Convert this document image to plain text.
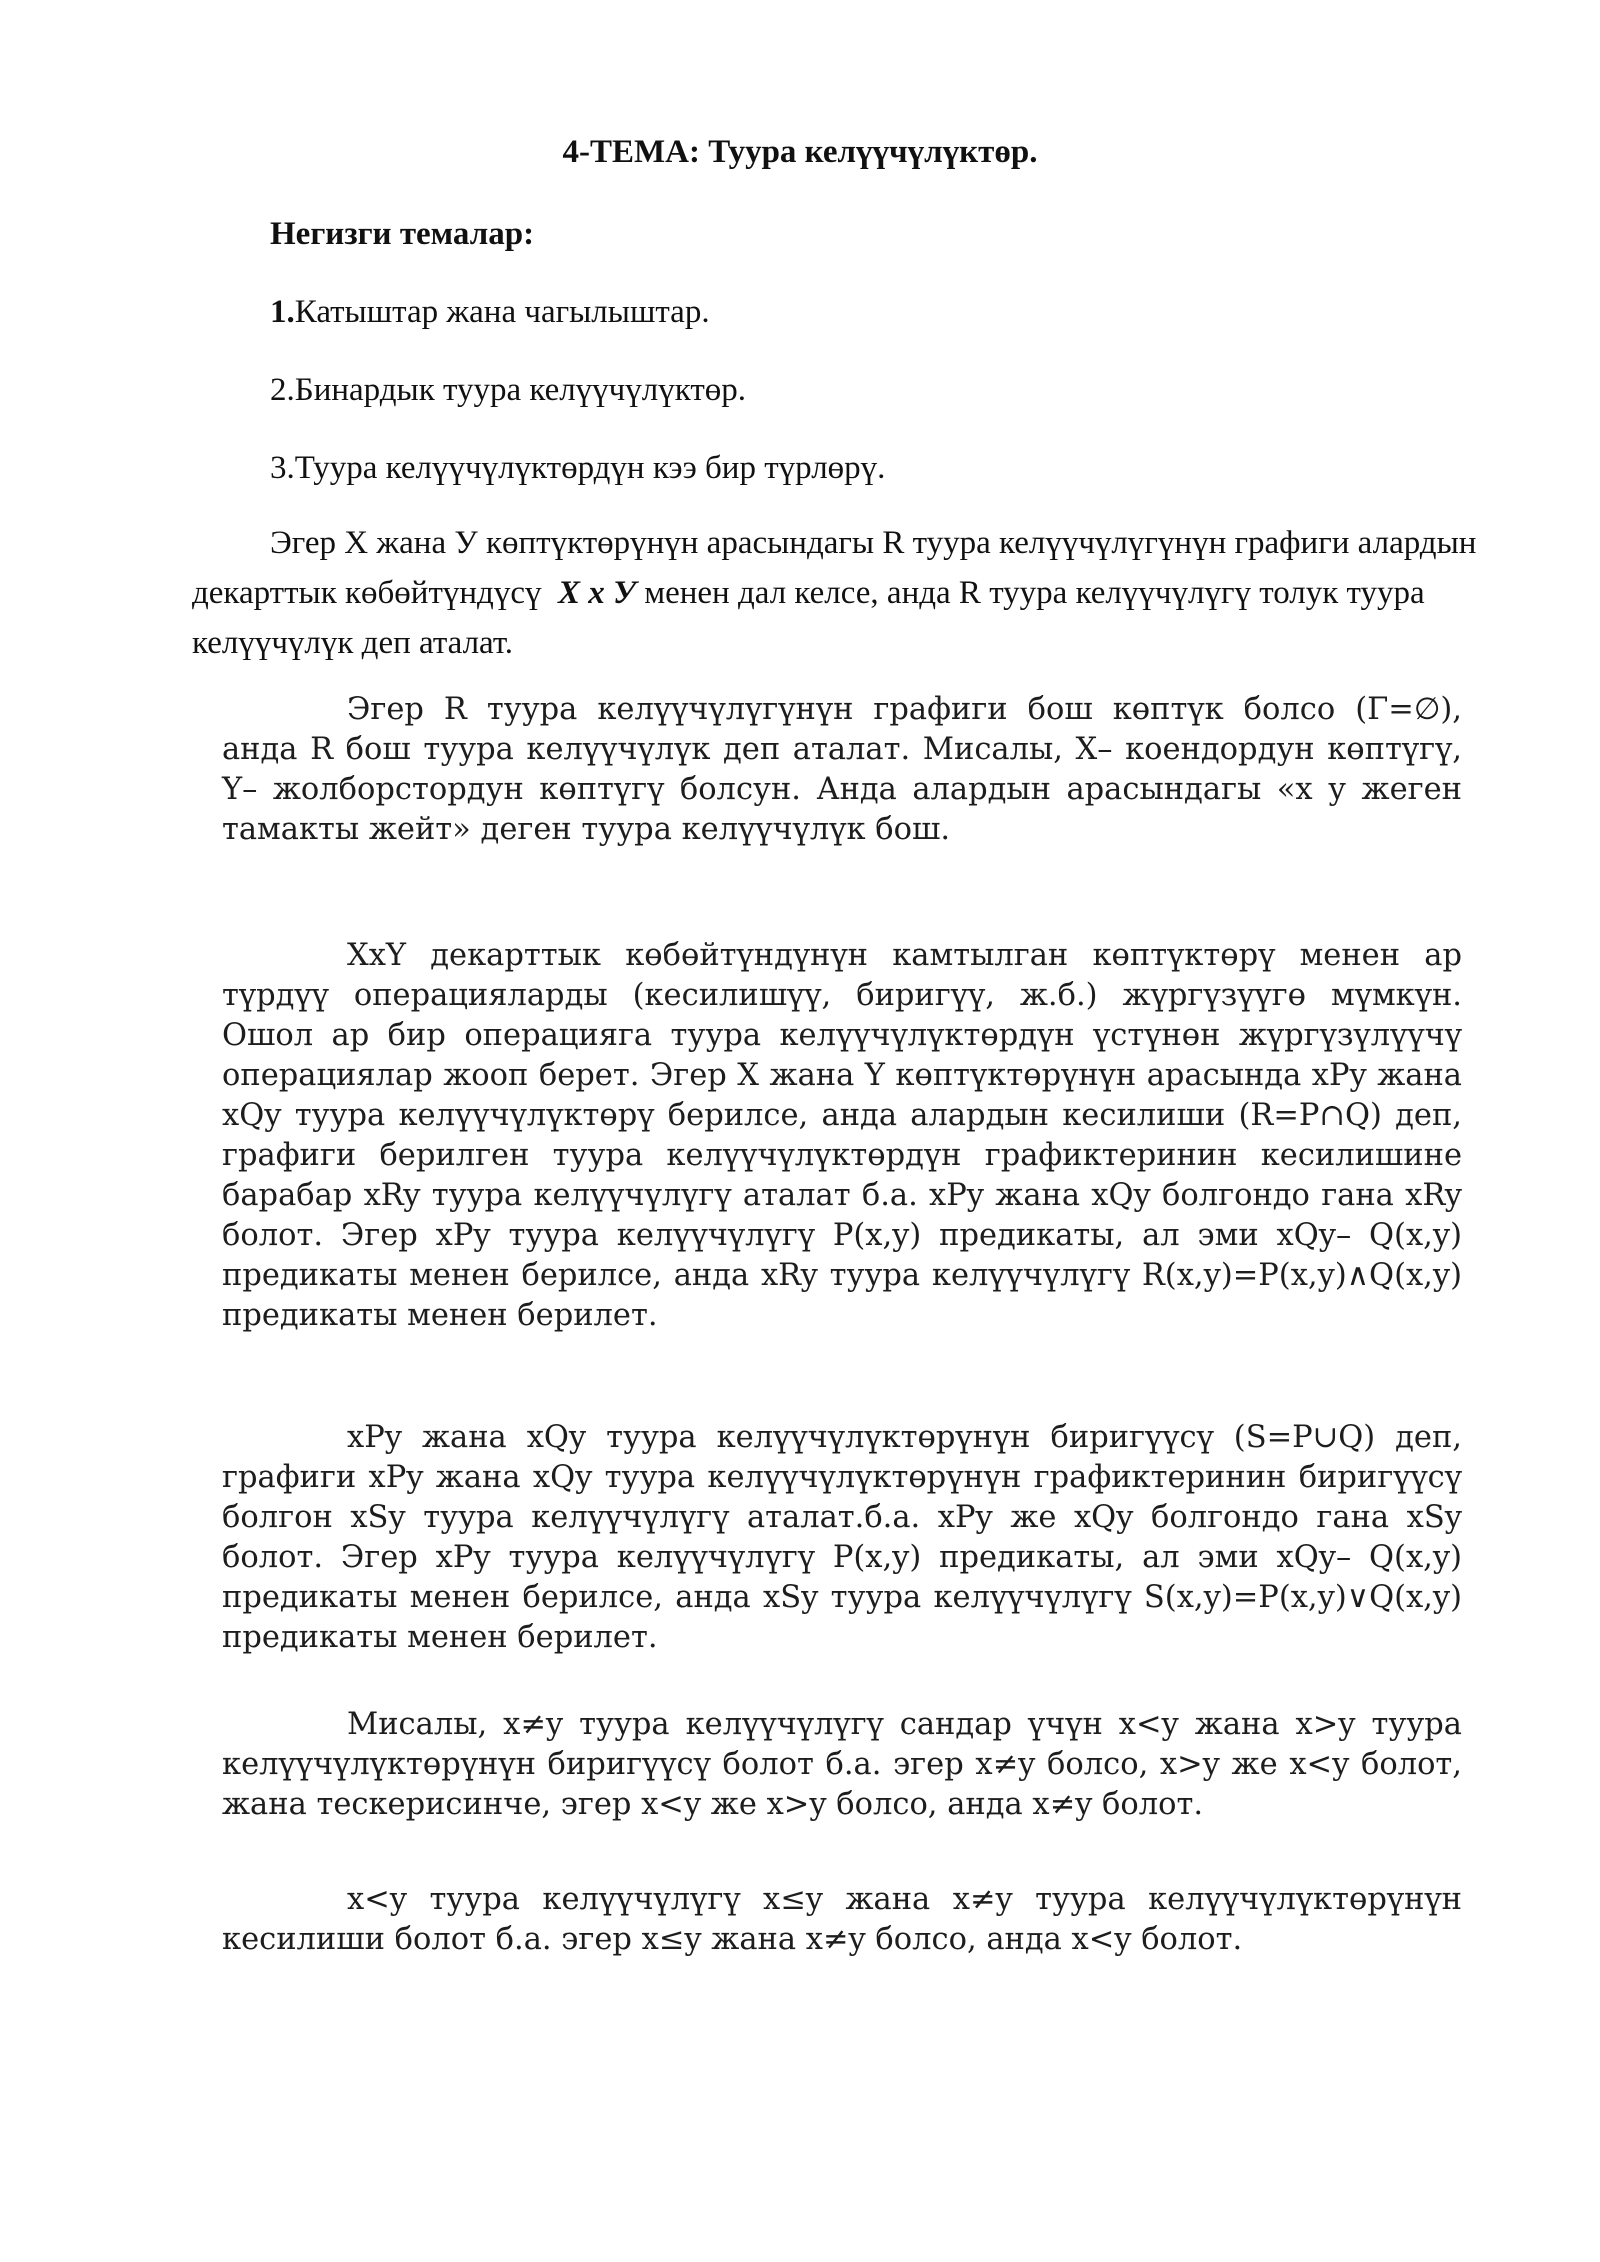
4-ТЕМА: Туура келүүчүлүктөр.
Негизги темалар:
1.Катыштар жана чагылыштар.
2.Бинардык туура келүүчүлүктөр.
3.Туура келүүчүлүктөрдүн кээ бир түрлөрү.
Эгер X жана У көптүктөрүнүн арасындагы R туура келүүчүлүгүнүн графиги алардын декарттык көбөйтүндүсү X x У менен дал келсе, анда R туура келүүчүлүгү толук туура келүүчүлүк деп аталат.

Эгер R туура келүүчүлүгүнүн графиги бош көптүк болсо (Γ=∅), анда R бош туура келүүчүлүк деп аталат. Мисалы, X– коендордун көптүгү, Y– жолборстордун көптүгү болсун. Анда алардын арасындагы «x у жеген тамакты жейт» деген туура келүүчүлүк бош.

XxY декарттык көбөйтүндүнүн камтылган көптүктөрү менен ар түрдүү операцияларды (кесилишүү, биригүү, ж.б.) жүргүзүүгө мүмкүн. Ошол ар бир операцияга туура келүүчүлүктөрдүн үстүнөн жүргүзүлүүчү операциялар жооп берет. Эгер X жана Y көптүктөрүнүн арасында xPy жана xQy туура келүүчүлүктөрү берилсе, анда алардын кесилиши (R=P∩Q) деп, графиги берилген туура келүүчүлүктөрдүн графиктеринин кесилишине барабар xRy туура келүүчүлүгү аталат б.а. xPy жана xQy болгондо гана xRy болот. Эгер xPy туура келүүчүлүгү P(x,y) предикаты, ал эми xQy– Q(x,y) предикаты менен берилсе, анда xRy туура келүүчүлүгү R(x,y)=P(x,y)∧Q(x,y) предикаты менен берилет.

xPy жана xQy туура келүүчүлүктөрүнүн биригүүсү (S=P∪Q) деп, графиги xPy жана xQy туура келүүчүлүктөрүнүн графиктеринин биригүүсү болгон xSy туура келүүчүлүгү аталат.б.а. xPy же xQy болгондо гана xSy болот. Эгер xPy туура келүүчүлүгү P(x,y) предикаты, ал эми xQy– Q(x,y) предикаты менен берилсе, анда xSy туура келүүчүлүгү S(x,y)=P(x,y)∨Q(x,y) предикаты менен берилет.

Мисалы, x≠y туура келүүчүлүгү сандар үчүн x<y жана x>y туура келүүчүлүктөрүнүн биригүүсү болот б.а. эгер x≠y болсо, x>y же x<y болот, жана тескерисинче, эгер x<y же x>y болсо, анда x≠y болот.

x<y туура келүүчүлүгү x≤y жана x≠y туура келүүчүлүктөрүнүн кесилиши болот б.а. эгер x≤y жана x≠y болсо, анда x<y болот.
